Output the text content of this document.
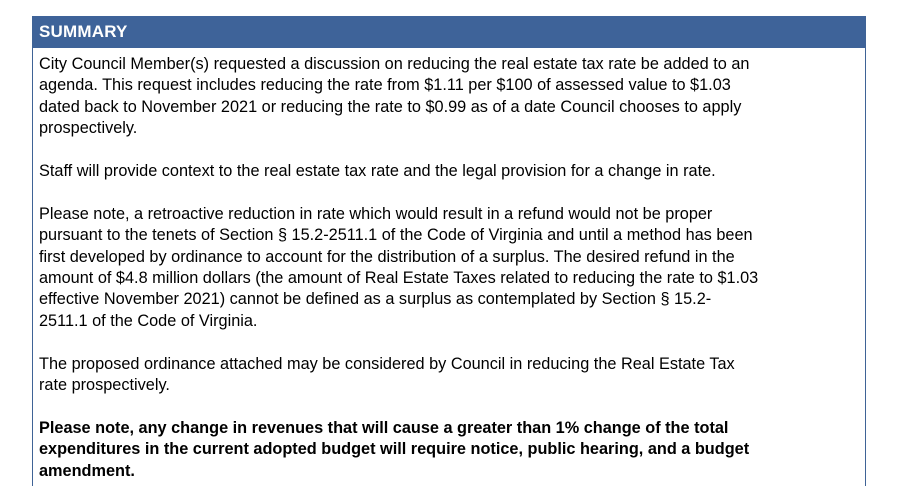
SUMMARY

City Council Member(s) requested a discussion on reducing the real estate tax rate be added to an
agenda. This request includes reducing the rate from $1.11 per $100 of assessed value to $1.03
dated back to November 2021 or reducing the rate to $0.99 as of a date Council chooses to apply
prospectively.

Staff will provide context to the real estate tax rate and the legal provision for a change in rate.

Please note, a retroactive reduction in rate which would result in a refund would not be proper
pursuant to the tenets of Section § 15.2-2511.1 of the Code of Virginia and until a method has been
first developed by ordinance to account for the distribution of a surplus. The desired refund in the
amount of $4.8 million dollars (the amount of Real Estate Taxes related to reducing the rate to $1.03
effective November 2021) cannot be defined as a surplus as contemplated by Section § 15.2-
2511.1 of the Code of Virginia.

The proposed ordinance attached may be considered by Council in reducing the Real Estate Tax
rate prospectively.

Please note, any change in revenues that will cause a greater than 1% change of the total
expenditures in the current adopted budget will require notice, public hearing, and a budget
amendment.
